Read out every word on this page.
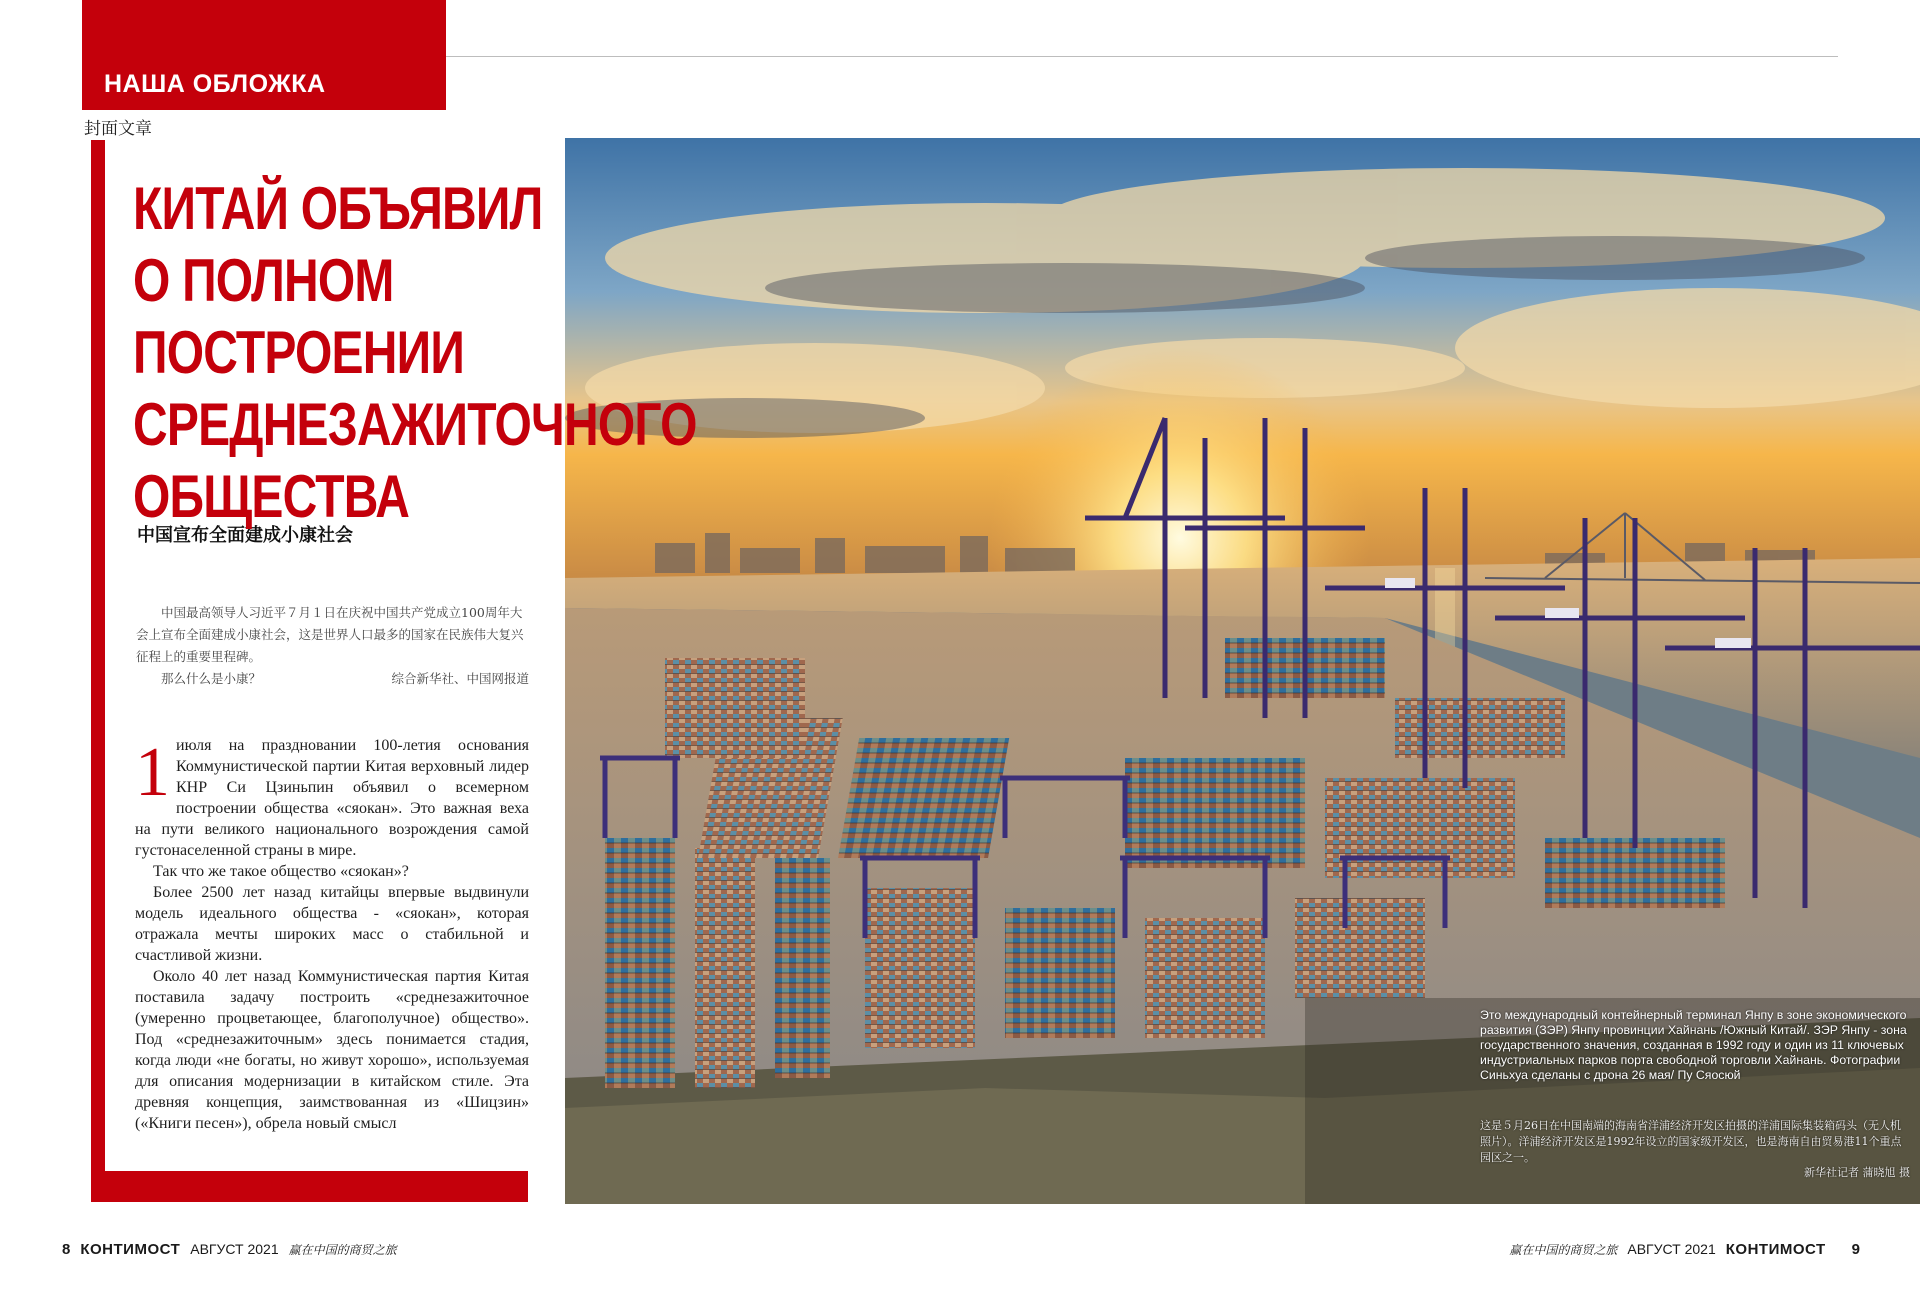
НАША ОБЛОЖКА
封面文章
КИТАЙ ОБЪЯВИЛ
О ПОЛНОМ
ПОСТРОЕНИИ
СРЕДНЕЗАЖИТОЧНОГО
ОБЩЕСТВА
中国宣布全面建成小康社会

中国最高领导人习近平７月１日在庆祝中国共产党成立100周年大会上宣布全面建成小康社会，这是世界人口最多的国家在民族伟大复兴征程上的重要里程碑。

那么什么是小康？	综合新华社、中国网报道
1 июля на праздновании 100-летия основания Коммунистической партии Китая верховный лидер КНР Си Цзиньпин объявил о всемерном построении общества «сяокан». Это важная веха на пути великого национального возрождения самой густонаселенной страны в мире.

Так что же такое общество «сяокан»?

Более 2500 лет назад китайцы впервые выдвинули модель идеального общества - «сяокан», которая отражала мечты широких масс о стабильной и счастливой жизни.

Около 40 лет назад Коммунистическая партия Китая поставила задачу построить «среднезажиточное (умеренно процветающее, благополучное) общество». Под «среднезажиточным» здесь понимается стадия, когда люди «не богаты, но живут хорошо», используемая для описания модернизации в китайском стиле. Эта древняя концепция, заимствованная из «Шицзин» («Книги песен»), обрела новый смысл

Это международный контейнерный терминал Янпу в зоне экономического развития (ЗЭР) Янпу провинции Хайнань /Южный Китай/. ЗЭР Янпу - зона государственного значения, созданная в 1992 году и один из 11 ключевых индустриальных парков порта свободной торговли Хайнань. Фотографии Синьхуа сделаны с дрона 26 мая/ Пу Сяоcюй
这是５月26日在中国南端的海南省洋浦经济开发区拍摄的洋浦国际集装箱码头（无人机照片）。洋浦经济开发区是1992年设立的国家级开发区，也是海南自由贸易港11个重点园区之一。
新华社记者 蒲晓旭 摄
8 КОНТИМОСТ АВГУСТ 2021 赢在中国的商贸之旅	赢在中国的商贸之旅 АВГУСТ 2021 КОНТИМОСТ 9
